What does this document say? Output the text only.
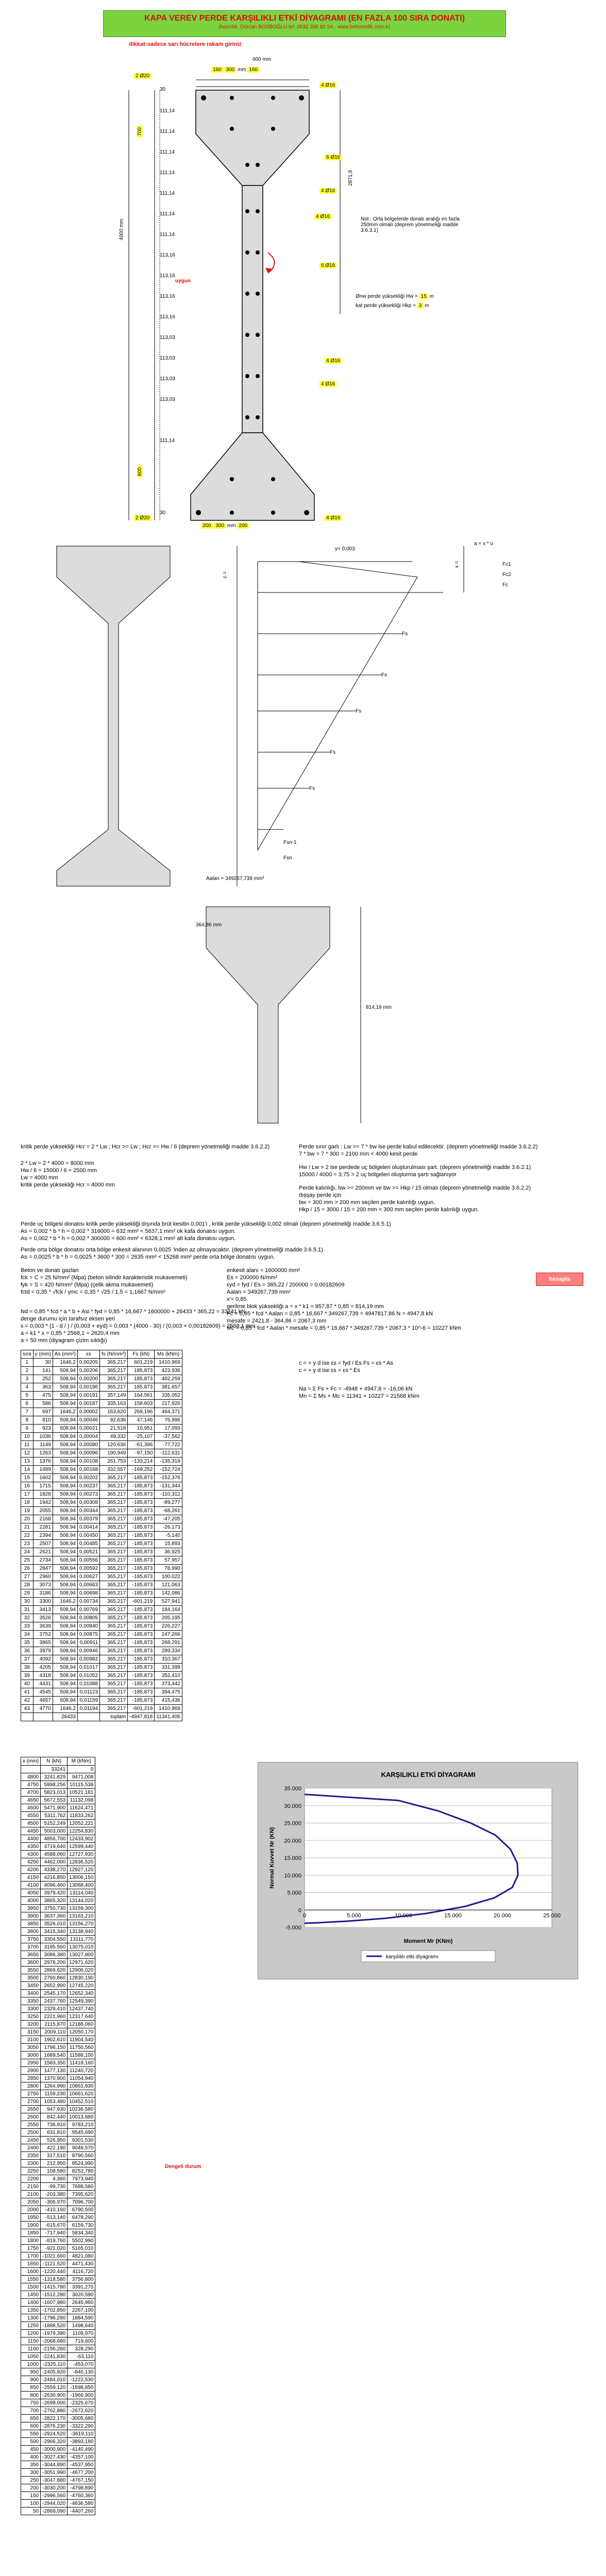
KAPA VEREV PERDE KARŞILIKLI ETKİ DİYAGRAMI (EN FAZLA 100 SIRA DONATI)
(hazırlık. Gürcan BOSBOĞLU tel: 0532 366 82 54 · www.betoncelik.com.tr)
dikkat:sadece sarı hücrelere rakam giriniz
600 mm
160 300 mm 160
2 Ø20
4 Ø16
6 Ø16
4 Ø16
4 Ø16
6 Ø16
4 Ø16
4 Ø16
4000 mm
700
600
2871,9
30
111,14
111,14
111,14
111,14
111,14
111,14
111,14
113,16
113,16
113,16
113,16
113,03
113,03
113,03
113,03
111,14
30
Not : Orta bölgelerde donatı aralığı en fazla 250mm olmalı (deprem yönetmeliği madde 3.6.3.1)
Ønw perde yüksekliği Hw = 15 m
kat perde yüksekliği Hkp = 3 m
uygun
2 Ø20	4 Ø16
200 300 mm 200
y= 0,003
a = x * u
Fc1
Fc2
Fc
Fs
Fs
Fs
Fs
Fs
Fsn-1
Fsn
c =
x =
Aalan = 349267,739 mm²
364,86 mm
814,19 mm
kritik perde yüksekliği Hcr = 2 * Lw ; Hcr >= Lw ; Hcr >= Hw / 6 (deprem yönetmeliği madde 3.6.2.2)
2 * Lw = 2 * 4000 = 8000 mm
Hw / 6 = 15000 / 6 = 2500 mm
Lw = 4000 mm
kritik perde yüksekliği Hcr = 4000 mm
Perde sınır garlı : Lw >= 7 * bw ise perde kabul edilecektir. (deprem yönetmeliği madde 3.6.2.2)
7 * bw = 7 * 300 = 2100 mm < 4000 kesit perde
Hw / Lw > 2 ise perdede uç bölgeleri oluşturulması şart. (deprem yönetmeliği madde 3.6.2.1)
15000 / 4000 = 3,75 > 2 uç bölgeleri oluşturma şartı sağlanıyor
Perde kalınlığı, bw >= 200mm ve bw >= Hkp / 15 olmalı (deprem yönetmeliği madde 3.6.2.2)
dışşay perde için
bw = 300 mm > 200 mm seçilen perde kalınlığı uygun.
Hkp / 15 = 3000 / 15 = 200 mm < 300 mm seçilen perde kalınlığı uygun.
Perde uç bölgesi donatısı kritik perde yüksekliği dışında brüt kesitin 0,001'i , kritik perde yüksekliği 0,002 olmalı (deprem yönetmeliği madde 3.6.5.1)
As = 0,002 * b * h = 0,002 * 316000 = 632 mm² < 5637,1 mm² ok kafa donatısı uygun.
As = 0,002 * b * h = 0,002 * 300000 = 600 mm² < 6328,1 mm² alt kafa donatısı uygun.
Perde orta bölge donatısı orta bölge enkesit alanının 0,0025 'inden az olmayacaktır. (deprem yönetmeliği madde 3.6.5.1)
As = 0,0025 * b * h = 0,0025 * 3600 * 300 = 2635 mm² < 15268 mm² perde orta bölge donatısı uygun.
Beton ve donatı gazlan
fck = C = 25 N/mm² (Mpa) (beton silindir karakteristik mukavemeti)
fyk = S = 420 N/mm² (Mpa) (çelik akma mukavemeti)
fctd = 0,35 * √fck / γmc = 0,35 * √25 / 1,5 = 1,1667 N/mm²
Nd = 0,85 * fcd * a * b + Asi * fyd = 0,85 * 16,667 * 1600000 + 26433 * 365,22 = 33241 kN
denge durumu için tarafsız eksen yeri
x = 0,003 * (1 - d / ) / (0,003 + eyd) = 0,003 * (4000 - 30) / (0,003 + 0,00182609) = 2568,1 mm
a = k1 * x = 0,85 * 2568,1 = 2620,4 mm
a = 50 mm (diyagram çizim sıklığı)
enkesit alanı = 1600000 mm²
Es = 200000 N/mm²
εyd = fyd / Es = 365,22 / 200000 = 0,00182609
Aalan = 349267,739 mm²
x'= 0,85
gerilme blok yüksekliği a = x * k1 = 957,87 * 0,85 = 814,19 mm
Fc = 0,85 * fcd * Aalan = 0,85 * 16,667 * 349267,739 = 4947817,86 N = 4947,8 kN
mesafe = 2421,8 - 364,86 = 2067,3 mm
Mc = 0,85 * fcd * Aalan * mesafe = 0,85 * 16,667 * 349267,739 * 2067,3 * 10^-6 = 10227 kNm
hesapla
sıra	y (mm)	As (mm²)	εs	fs (N/mm²)	Fs (kN)	Ms (kNm)
1	30	1646,2	0,00205	365,217	601,219	1410,969
2	141	508,94	0,00206	365,217	185,873	423,936
3	252	508,94	0,00200	365,217	185,873	402,259
4	363	508,94	0,00196	365,217	185,873	381,657
5	475	508,94	0,00191	357,149	164,561	335,052
6	586	508,94	0,00187	335,163	158,603	217,920
7	697	1646,2	0,00002	163,620	269,196	464,371
8	810	508,94	0,00046	92,636	47,146	76,996
9	923	508,94	0,00021	21,518	10,951	17,093
10	1036	508,94	0,00004	49,332	-25,107	-37,562
11	1149	508,94	0,00080	120,636	-61,396	-77,722
12	1263	508,94	0,00096	190,949	-97,150	-112,631
13	1376	508,94	0,00108	261,753	-133,214	-135,319
14	1489	508,94	0,00168	332,557	-169,252	-152,724
15	1602	508,94	0,00202	365,217	-185,873	-152,376
16	1715	508,94	0,00237	365,217	-185,873	-131,344
17	1828	508,94	0,00273	365,217	-185,873	-110,312
18	1942	508,94	0,00308	365,217	-185,873	-89,277
19	2055	508,94	0,00344	365,217	-185,873	-68,261
20	2168	508,94	0,00379	365,217	-185,873	-47,205
21	2281	508,94	0,00414	365,217	-185,873	-26,173
22	2394	508,94	0,00450	365,217	-185,873	-5,140
23	2507	508,94	0,00485	365,217	-185,873	15,893
24	2621	508,94	0,00521	365,217	-185,873	36,925
25	2734	508,94	0,00556	365,217	-185,873	57,957
26	2847	508,94	0,00592	365,217	-185,873	78,990
27	2960	508,94	0,00627	365,217	-185,873	100,022
28	3073	508,94	0,00663	365,217	-185,873	121,063
29	3186	508,94	0,00698	365,217	-185,873	142,086
30	3300	1646,2	0,00734	365,217	-601,219	527,941
31	3413	508,94	0,00769	365,217	-185,873	184,164
32	3526	508,94	0,00805	365,217	-185,873	205,195
33	3639	508,94	0,00840	365,217	-185,873	226,227
34	3752	508,94	0,00875	365,217	-185,873	247,266
35	3865	508,94	0,00911	365,217	-185,873	268,291
36	3979	508,94	0,00946	365,217	-185,873	289,334
37	4092	508,94	0,00982	365,217	-185,873	310,367
38	4205	508,94	0,01017	365,217	-185,873	331,399
39	4318	508,94	0,01052	365,217	-185,873	352,410
40	4431	508,94	0,01088	365,217	-185,873	373,442
41	4545	508,94	0,01123	365,217	-185,873	394,475
42	4657	508,94	0,01159	365,217	-185,873	415,436
43	4770	1646,2	0,01194	365,217	-601,219	1410,969
		26433		toplam	-4947,818	11341,406
c = + y d ise εs = fyd / Es Fs = εs * As
c = + y d ise εs = εs * Es
Na = Σ Fs + Fc = -4948 + 4947,8 = -16,06 kN
Mn = Σ Ms + Mc = 11341 + 10227 = 21568 kNm
x (mm)	N (kN)	M (kNm)
	33241	0
4800	3241,829	9471,008
4750	5998,256	10115,538
4700	5823,013	10521,181
4650	5672,553	11132,098
4600	5471,900	11624,471
4550	5311,762	11833,262
4500	5152,249	12052,221
4450	5003,000	12254,830
4400	4856,700	12433,902
4350	4719,640	12599,440
4300	4588,060	12727,930
4250	4462,000	12836,520
4200	4338,270	12927,120
4150	4216,850	13006,150
4100	4096,460	13068,400
4050	3979,420	13114,040
4000	3865,320	13144,020
3950	3750,730	13159,300
3900	3637,360	13163,210
3850	3526,010	13156,270
3800	3415,340	13138,940
3750	3304,550	13111,770
3700	3195,560	13075,010
3650	3086,380	13027,800
3600	2978,200	12971,620
3550	2869,620	12906,020
3500	2760,860	12830,190
3450	2652,900	12745,220
3400	2545,170	12652,340
3350	2437,760	12549,390
3300	2329,410	12437,740
3250	2221,960	12317,640
3200	2115,870	12188,060
3150	2009,110	12050,170
3100	1902,610	11904,540
3050	1796,150	11750,560
3000	1689,540	11588,100
2950	1583,350	11418,160
2900	1477,130	11240,720
2850	1370,900	11054,940
2800	1264,990	10861,930
2750	1159,230	10661,620
2700	1053,480	10452,510
2650	947,930	10236,580
2600	842,440	10013,880
2550	736,910	9783,210
2500	631,810	9545,690
2450	526,950	9301,530
2400	422,190	9049,570
2350	317,510	8790,560
2300	212,950	8524,990
2250	108,580	8252,780
2200	4,360	7973,940
2150	-99,730	7688,580
2100	-203,380	7395,620
2050	-306,970	7096,700
2000	-410,160	6790,500
1950	-513,140	6478,290
1900	-615,670	6159,730
1850	-717,940	5834,340
1800	-819,760	5502,990
1750	-921,020	5165,010
1700	-1021,660	4821,080
1650	-1121,520	4471,430
1600	-1220,440	4116,720
1550	-1318,580	3756,800
1500	-1415,780	3391,270
1450	-1512,280	3020,590
1400	-1607,980	2645,960
1350	-1702,850	2267,100
1300	-1796,290	1884,590
1250	-1888,520	1498,640
1200	-1979,390	1109,970
1150	-2068,680	719,600
1100	-2156,260	328,290
1050	-2241,830	-63,110
1000	-2325,110	-453,070
950	-2405,920	-840,130
900	-2484,010	-1222,530
850	-2559,120	-1598,850
800	-2630,900	-1966,900
750	-2699,000	-2325,670
700	-2762,880	-2672,620
650	-2822,170	-3005,680
600	-2876,230	-3322,290
550	-2924,520	-3619,110
500	-2966,320	-3893,180
450	-3000,900	-4140,490
400	-3027,430	-4357,100
350	-3044,890	-4537,950
300	-3051,990	-4677,200
250	-3047,880	-4767,150
200	-3030,200	-4798,890
150	-2996,560	-4760,360
100	-2944,020	-4636,580
50	-2869,090	-4407,260
Dengeli durum
-5.000
0
5.000
10.000
15.000
20.000
25.000
30.000
35.000
0	5.000	10.000	15.000	20.000	25.000
KARŞILIKLI ETKİ DİYAGRAMI
Moment Mr (KNm)
Normal Kuvvet Nr (KN)
karşılıklı etki diyagramı
